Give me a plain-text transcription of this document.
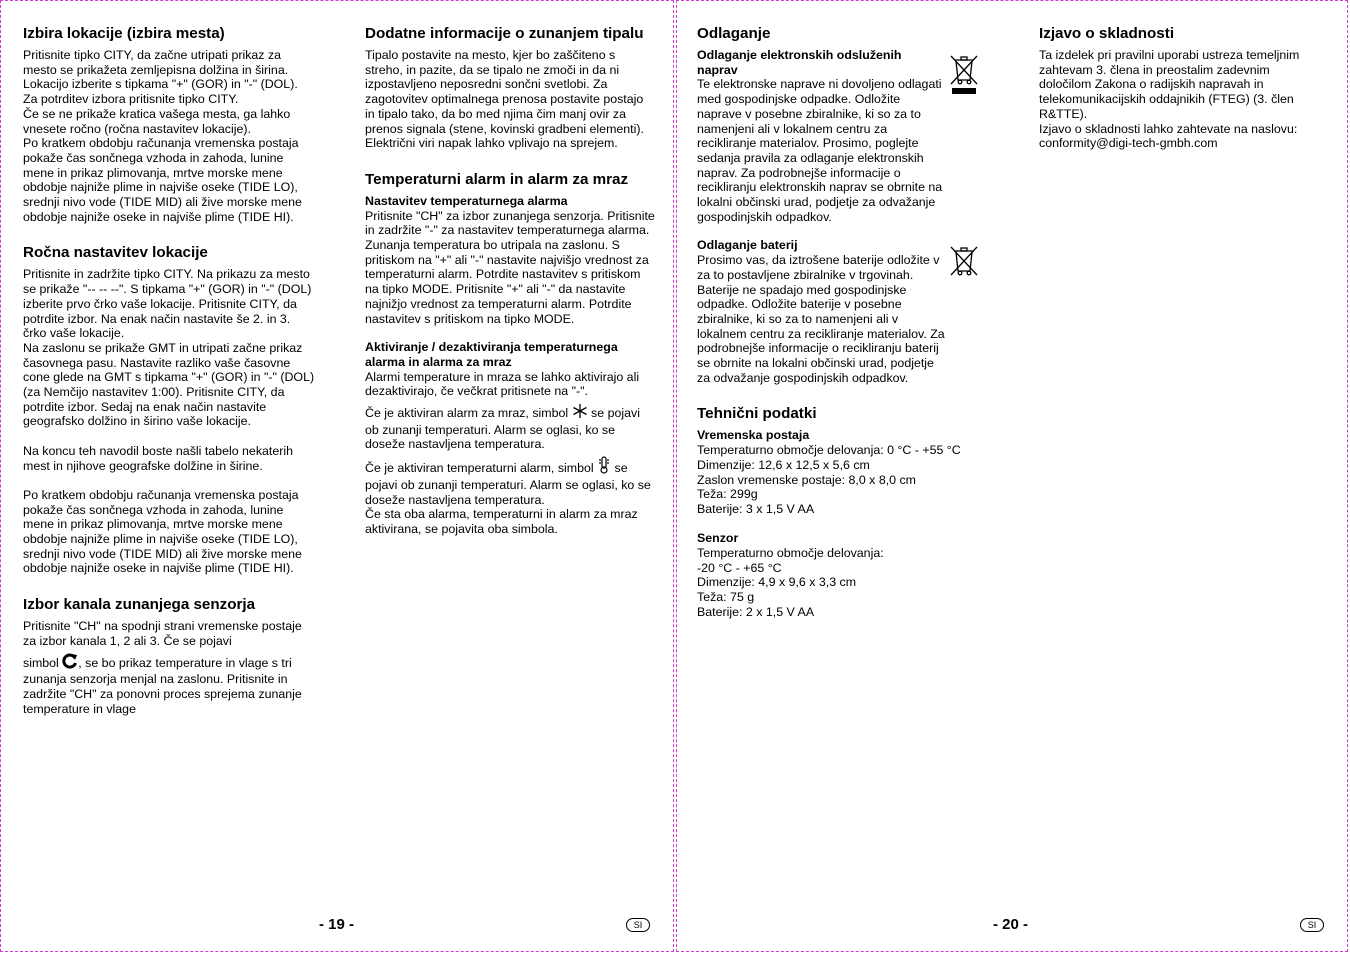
Izbira lokacije (izbira mesta)

Pritisnite tipko CITY, da začne utripati prikaz za mesto se prikažeta zemljepisna dolžina in širina. Lokacijo izberite s tipkama "+" (GOR) in "-" (DOL). Za potrditev izbora pritisnite tipko CITY.

Če se ne prikaže kratica vašega mesta, ga lahko vnesete ročno (ročna nastavitev lokacije).

Po kratkem obdobju računanja vremenska postaja pokaže čas sončnega vzhoda in zahoda, lunine mene in prikaz plimovanja, mrtve morske mene obdobje najniže plime in najviše oseke (TIDE LO), srednji nivo vode (TIDE MID) ali žive morske mene obdobje najniže oseke in najviše plime (TIDE HI).

Ročna nastavitev lokacije

Pritisnite in zadržite tipko CITY. Na prikazu za mesto se prikaže "-- -- --". S tipkama "+" (GOR) in "-" (DOL) izberite prvo črko vaše lokacije. Pritisnite CITY, da potrdite izbor. Na enak način nastavite še 2. in 3. črko vaše lokacije.

Na zaslonu se prikaže GMT in utripati začne prikaz časovnega pasu. Nastavite razliko vaše časovne cone glede na GMT s tipkama "+" (GOR) in "-" (DOL) (za Nemčijo nastavitev 1:00). Pritisnite CITY, da potrdite izbor. Sedaj na enak način nastavite geografsko dolžino in širino vaše lokacije.

Na koncu teh navodil boste našli tabelo nekaterih mest in njihove geografske dolžine in širine.

Po kratkem obdobju računanja vremenska postaja pokaže čas sončnega vzhoda in zahoda, lunine mene in prikaz plimovanja, mrtve morske mene obdobje najniže plime in najviše oseke (TIDE LO), srednji nivo vode (TIDE MID) ali žive morske mene obdobje najniže oseke in najviše plime (TIDE HI).

Izbor kanala zunanjega senzorja

Pritisnite "CH" na spodnji strani vremenske postaje za izbor kanala 1, 2 ali 3. Če se pojavi

simbol , se bo prikaz temperature in vlage s tri zunanja senzorja menjal na zaslonu. Pritisnite in zadržite "CH" za ponovni proces sprejema zunanje temperature in vlage

Dodatne informacije o zunanjem tipalu

Tipalo postavite na mesto, kjer bo zaščiteno s streho, in pazite, da se tipalo ne zmoči in da ni izpostavljeno neposredni sončni svetlobi. Za zagotovitev optimalnega prenosa postavite postajo in tipalo tako, da bo med njima čim manj ovir za prenos signala (stene, kovinski gradbeni elementi).

Električni viri napak lahko vplivajo na sprejem.

Temperaturni alarm in alarm za mraz

Nastavitev temperaturnega alarma

Pritisnite "CH" za izbor zunanjega senzorja. Pritisnite in zadržite "-" za nastavitev temperaturnega alarma. Zunanja temperatura bo utripala na zaslonu. S pritiskom na "+" ali "-" nastavite najvišjo vrednost za temperaturni alarm. Potrdite nastavitev s pritiskom na tipko MODE. Pritisnite "+" ali "-" da nastavite najnižjo vrednost za temperaturni alarm. Potrdite nastavitev s pritiskom na tipko MODE.

Aktiviranje / dezaktiviranja temperaturnega alarma in alarma za mraz

Alarmi temperature in mraza se lahko aktivirajo ali dezaktivirajo, če večkrat pritisnete na "-".

Če je aktiviran alarm za mraz, simbol se pojavi ob zunanji temperaturi. Alarm se oglasi, ko se doseže nastavljena temperatura.

Če je aktiviran temperaturni alarm, simbol se pojavi ob zunanji temperaturi. Alarm se oglasi, ko se doseže nastavljena temperatura.

Če sta oba alarma, temperaturni in alarm za mraz aktivirana, se pojavita oba simbola.

- 19 -	SI
Odlaganje

Odlaganje elektronskih odsluženih naprav

Te elektronske naprave ni dovoljeno odlagati med gospodinjske odpadke. Odložite naprave v posebne zbiralnike, ki so za to namenjeni ali v lokalnem centru za recikliranje materialov. Prosimo, poglejte sedanja pravila za odlaganje elektronskih naprav. Za podrobnejše informacije o recikliranju elektronskih naprav se obrnite na lokalni občinski urad, podjetje za odvažanje gospodinjskih odpadkov.

Odlaganje baterij

Prosimo vas, da iztrošene baterije odložite v za to postavljene zbiralnike v trgovinah. Baterije ne spadajo med gospodinjske odpadke. Odložite baterije v posebne zbiralnike, ki so za to namenjeni ali v lokalnem centru za recikliranje materialov. Za podrobnejše informacije o recikliranju baterij se obrnite na lokalni občinski urad, podjetje za odvažanje gospodinjskih odpadkov.

Tehnični podatki

Vremenska postaja

Temperaturno območje delovanja: 0 °C - +55 °C

Dimenzije: 12,6 x 12,5 x 5,6 cm

Zaslon vremenske postaje: 8,0 x 8,0 cm

Teža: 299g

Baterije: 3 x 1,5 V AA

Senzor

Temperaturno območje delovanja:

-20 °C - +65 °C

Dimenzije: 4,9 x 9,6 x 3,3 cm

Teža: 75 g

Baterije: 2 x 1,5 V AA

Izjavo o skladnosti

Ta izdelek pri pravilni uporabi ustreza temeljnim zahtevam 3. člena in preostalim zadevnim določilom Zakona o radijskih napravah in telekomunikacijskih oddajnikih (FTEG) (3. člen R&TTE).

Izjavo o skladnosti lahko zahtevate na naslovu: conformity@digi-tech-gmbh.com

- 20 -	SI
